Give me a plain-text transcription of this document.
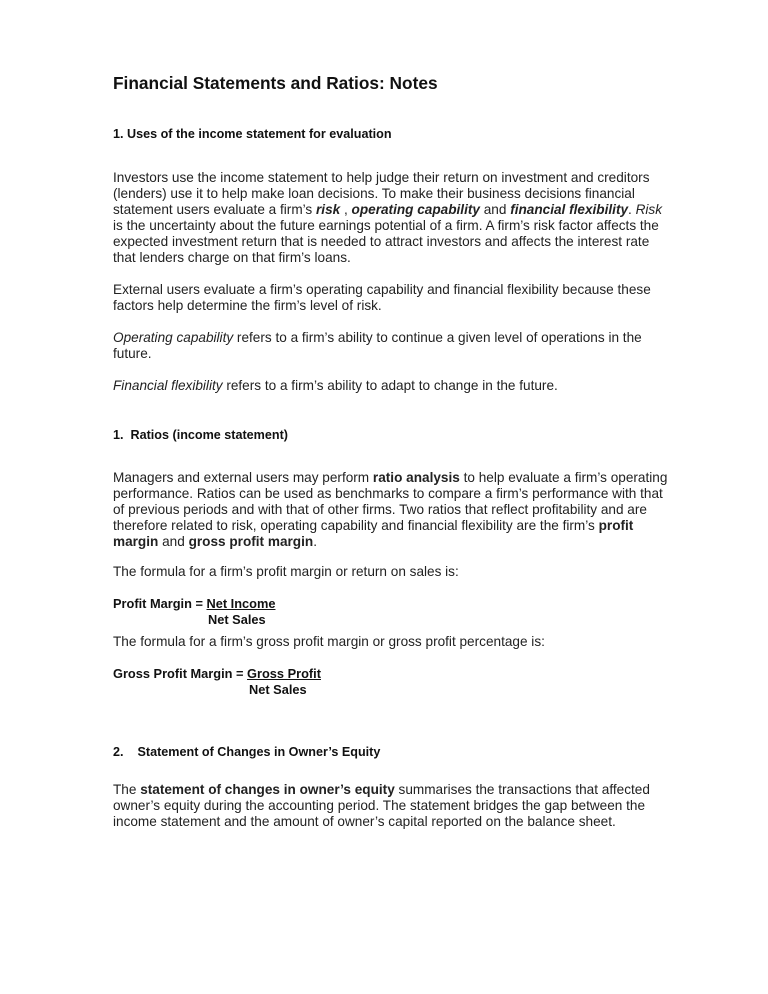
Financial Statements and Ratios: Notes
1. Uses of the income statement for evaluation

Investors use the income statement to help judge their return on investment and creditors (lenders) use it to help make loan decisions. To make their business decisions financial statement users evaluate a firm’s risk , operating capability and financial flexibility. Risk is the uncertainty about the future earnings potential of a firm. A firm’s risk factor affects the expected investment return that is needed to attract investors and affects the interest rate that lenders charge on that firm’s loans.

External users evaluate a firm’s operating capability and financial flexibility because these factors help determine the firm’s level of risk.

Operating capability refers to a firm’s ability to continue a given level of operations in the future.

Financial flexibility refers to a firm’s ability to adapt to change in the future.

1. Ratios (income statement)

Managers and external users may perform ratio analysis to help evaluate a firm’s operating performance. Ratios can be used as benchmarks to compare a firm’s performance with that of previous periods and with that of other firms. Two ratios that reflect profitability and are therefore related to risk, operating capability and financial flexibility are the firm’s profit margin and gross profit margin.

The formula for a firm’s profit margin or return on sales is:

Profit Margin = Net Income
Net Sales

The formula for a firm’s gross profit margin or gross profit percentage is:

Gross Profit Margin = Gross Profit
Net Sales
2. Statement of Changes in Owner’s Equity

The statement of changes in owner’s equity summarises the transactions that affected owner’s equity during the accounting period. The statement bridges the gap between the income statement and the amount of owner’s capital reported on the balance sheet.
